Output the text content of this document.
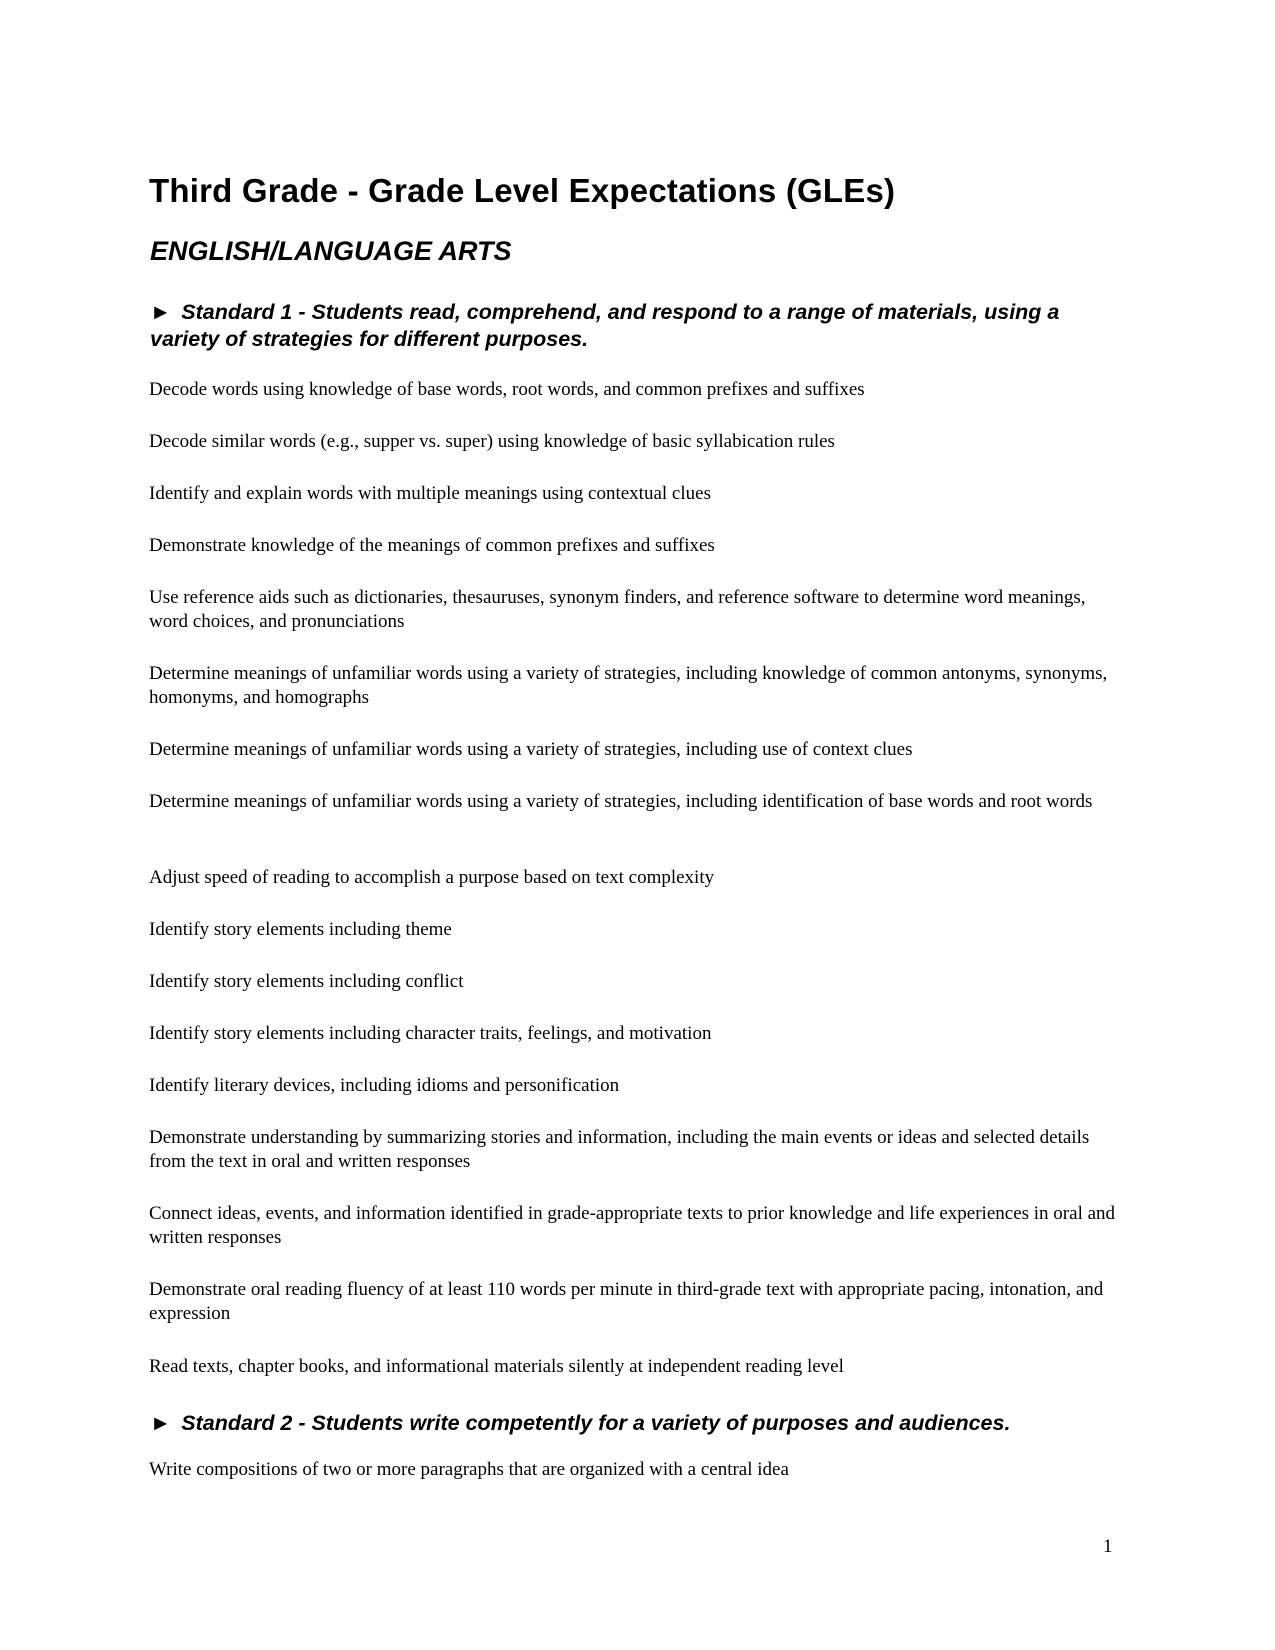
Third Grade - Grade Level Expectations (GLEs)
ENGLISH/LANGUAGE ARTS

► Standard 1 - Students read, comprehend, and respond to a range of materials, using a variety of strategies for different purposes.

Decode words using knowledge of base words, root words, and common prefixes and suffixes

Decode similar words (e.g., supper vs. super) using knowledge of basic syllabication rules

Identify and explain words with multiple meanings using contextual clues

Demonstrate knowledge of the meanings of common prefixes and suffixes

Use reference aids such as dictionaries, thesauruses, synonym finders, and reference software to determine word meanings, word choices, and pronunciations

Determine meanings of unfamiliar words using a variety of strategies, including knowledge of common antonyms, synonyms, homonyms, and homographs

Determine meanings of unfamiliar words using a variety of strategies, including use of context clues

Determine meanings of unfamiliar words using a variety of strategies, including identification of base words and root words

Adjust speed of reading to accomplish a purpose based on text complexity

Identify story elements including theme

Identify story elements including conflict

Identify story elements including character traits, feelings, and motivation

Identify literary devices, including idioms and personification

Demonstrate understanding by summarizing stories and information, including the main events or ideas and selected details from the text in oral and written responses

Connect ideas, events, and information identified in grade-appropriate texts to prior knowledge and life experiences in oral and written responses

Demonstrate oral reading fluency of at least 110 words per minute in third-grade text with appropriate pacing, intonation, and expression

Read texts, chapter books, and informational materials silently at independent reading level

► Standard 2 - Students write competently for a variety of purposes and audiences.

Write compositions of two or more paragraphs that are organized with a central idea

1
